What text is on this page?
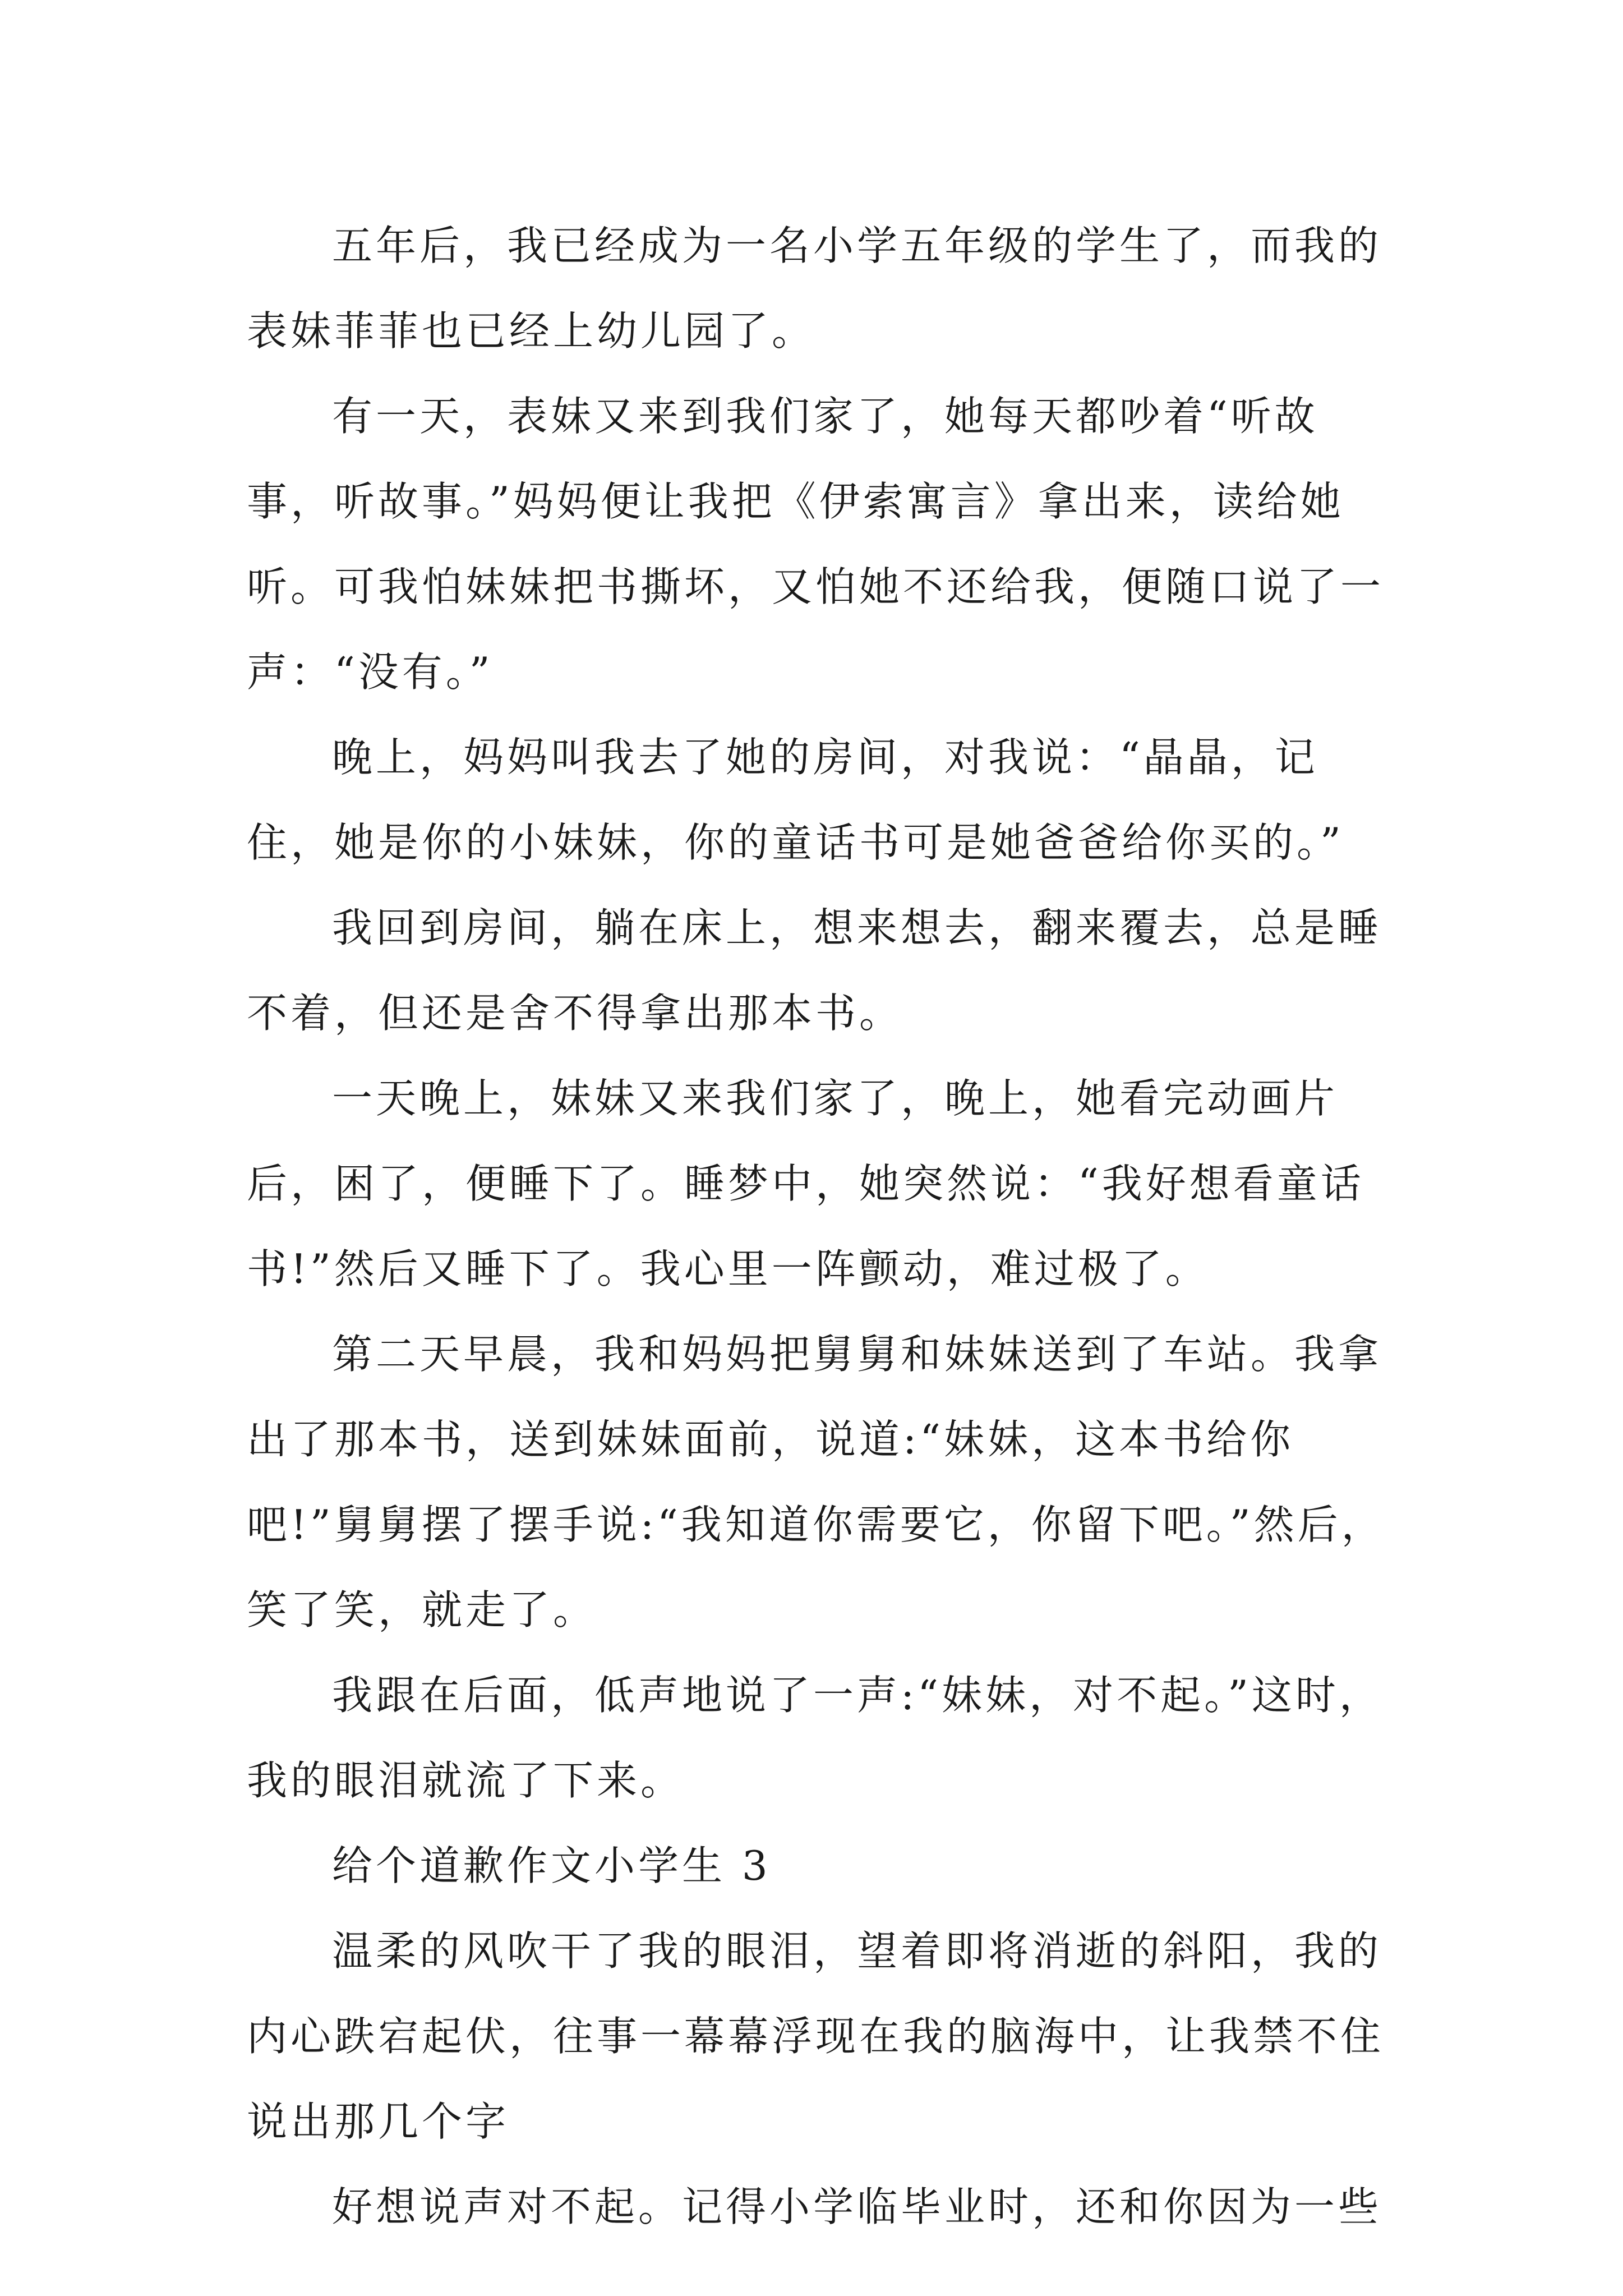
五年后，我已经成为一名小学五年级的学生了，而我的表妹菲菲也已经上幼儿园了。

有一天，表妹又来到我们家了，她每天都吵着“听故事，听故事。”妈妈便让我把《伊索寓言》拿出来，读给她听。可我怕妹妹把书撕坏，又怕她不还给我，便随口说了一声：“没有。”

晚上，妈妈叫我去了她的房间，对我说：“晶晶，记住，她是你的小妹妹，你的童话书可是她爸爸给你买的。”

我回到房间，躺在床上，想来想去，翻来覆去，总是睡不着，但还是舍不得拿出那本书。

一天晚上，妹妹又来我们家了，晚上，她看完动画片后，困了，便睡下了。睡梦中，她突然说：“我好想看童话书!”然后又睡下了。我心里一阵颤动，难过极了。

第二天早晨，我和妈妈把舅舅和妹妹送到了车站。我拿出了那本书，送到妹妹面前，说道:“妹妹，这本书给你吧!”舅舅摆了摆手说:“我知道你需要它，你留下吧。”然后，笑了笑，就走了。

我跟在后面，低声地说了一声:“妹妹，对不起。”这时，我的眼泪就流了下来。

给个道歉作文小学生 3

温柔的风吹干了我的眼泪，望着即将消逝的斜阳，我的内心跌宕起伏，往事一幕幕浮现在我的脑海中，让我禁不住说出那几个字

好想说声对不起。记得小学临毕业时，还和你因为一些
